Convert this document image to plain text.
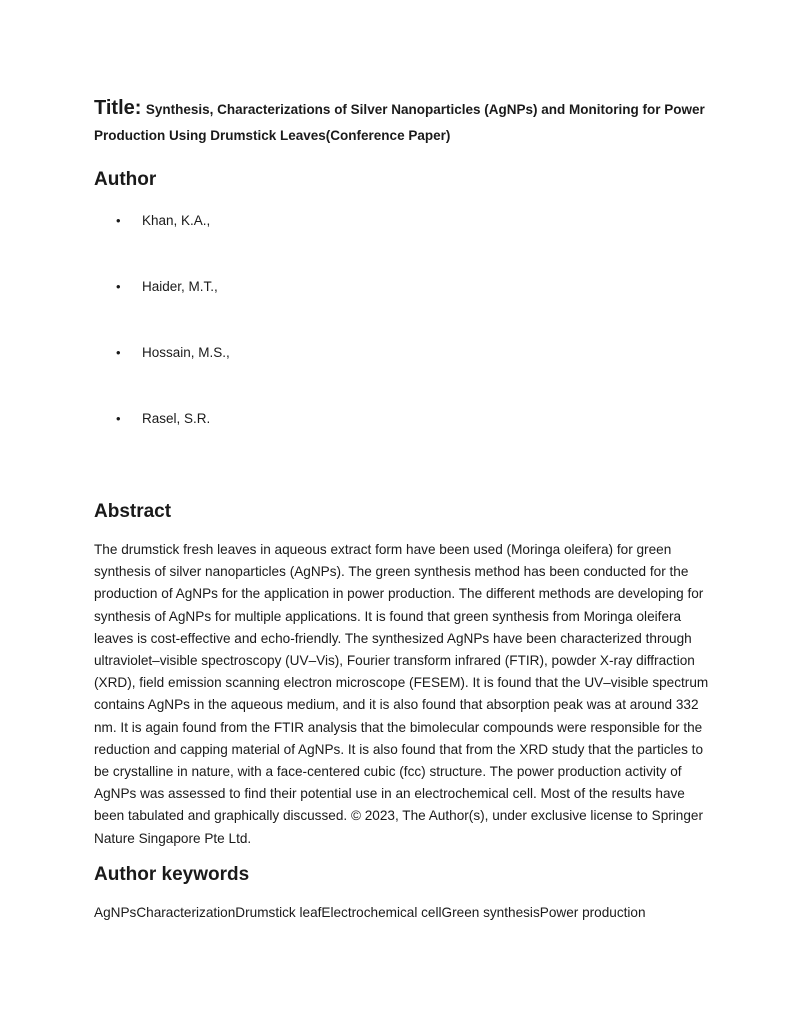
Title: Synthesis, Characterizations of Silver Nanoparticles (AgNPs) and Monitoring for Power Production Using Drumstick Leaves(Conference Paper)

Author
• Khan, K.A.,
• Haider, M.T.,
• Hossain, M.S.,
• Rasel, S.R.
Abstract

The drumstick fresh leaves in aqueous extract form have been used (Moringa oleifera) for green synthesis of silver nanoparticles (AgNPs). The green synthesis method has been conducted for the production of AgNPs for the application in power production. The different methods are developing for synthesis of AgNPs for multiple applications. It is found that green synthesis from Moringa oleifera leaves is cost-effective and echo-friendly. The synthesized AgNPs have been characterized through ultraviolet–visible spectroscopy (UV–Vis), Fourier transform infrared (FTIR), powder X-ray diffraction (XRD), field emission scanning electron microscope (FESEM). It is found that the UV–visible spectrum contains AgNPs in the aqueous medium, and it is also found that absorption peak was at around 332 nm. It is again found from the FTIR analysis that the bimolecular compounds were responsible for the reduction and capping material of AgNPs. It is also found that from the XRD study that the particles to be crystalline in nature, with a face-centered cubic (fcc) structure. The power production activity of AgNPs was assessed to find their potential use in an electrochemical cell. Most of the results have been tabulated and graphically discussed. © 2023, The Author(s), under exclusive license to Springer Nature Singapore Pte Ltd.

Author keywords

AgNPsCharacterizationDrumstick leafElectrochemical cellGreen synthesisPower production
